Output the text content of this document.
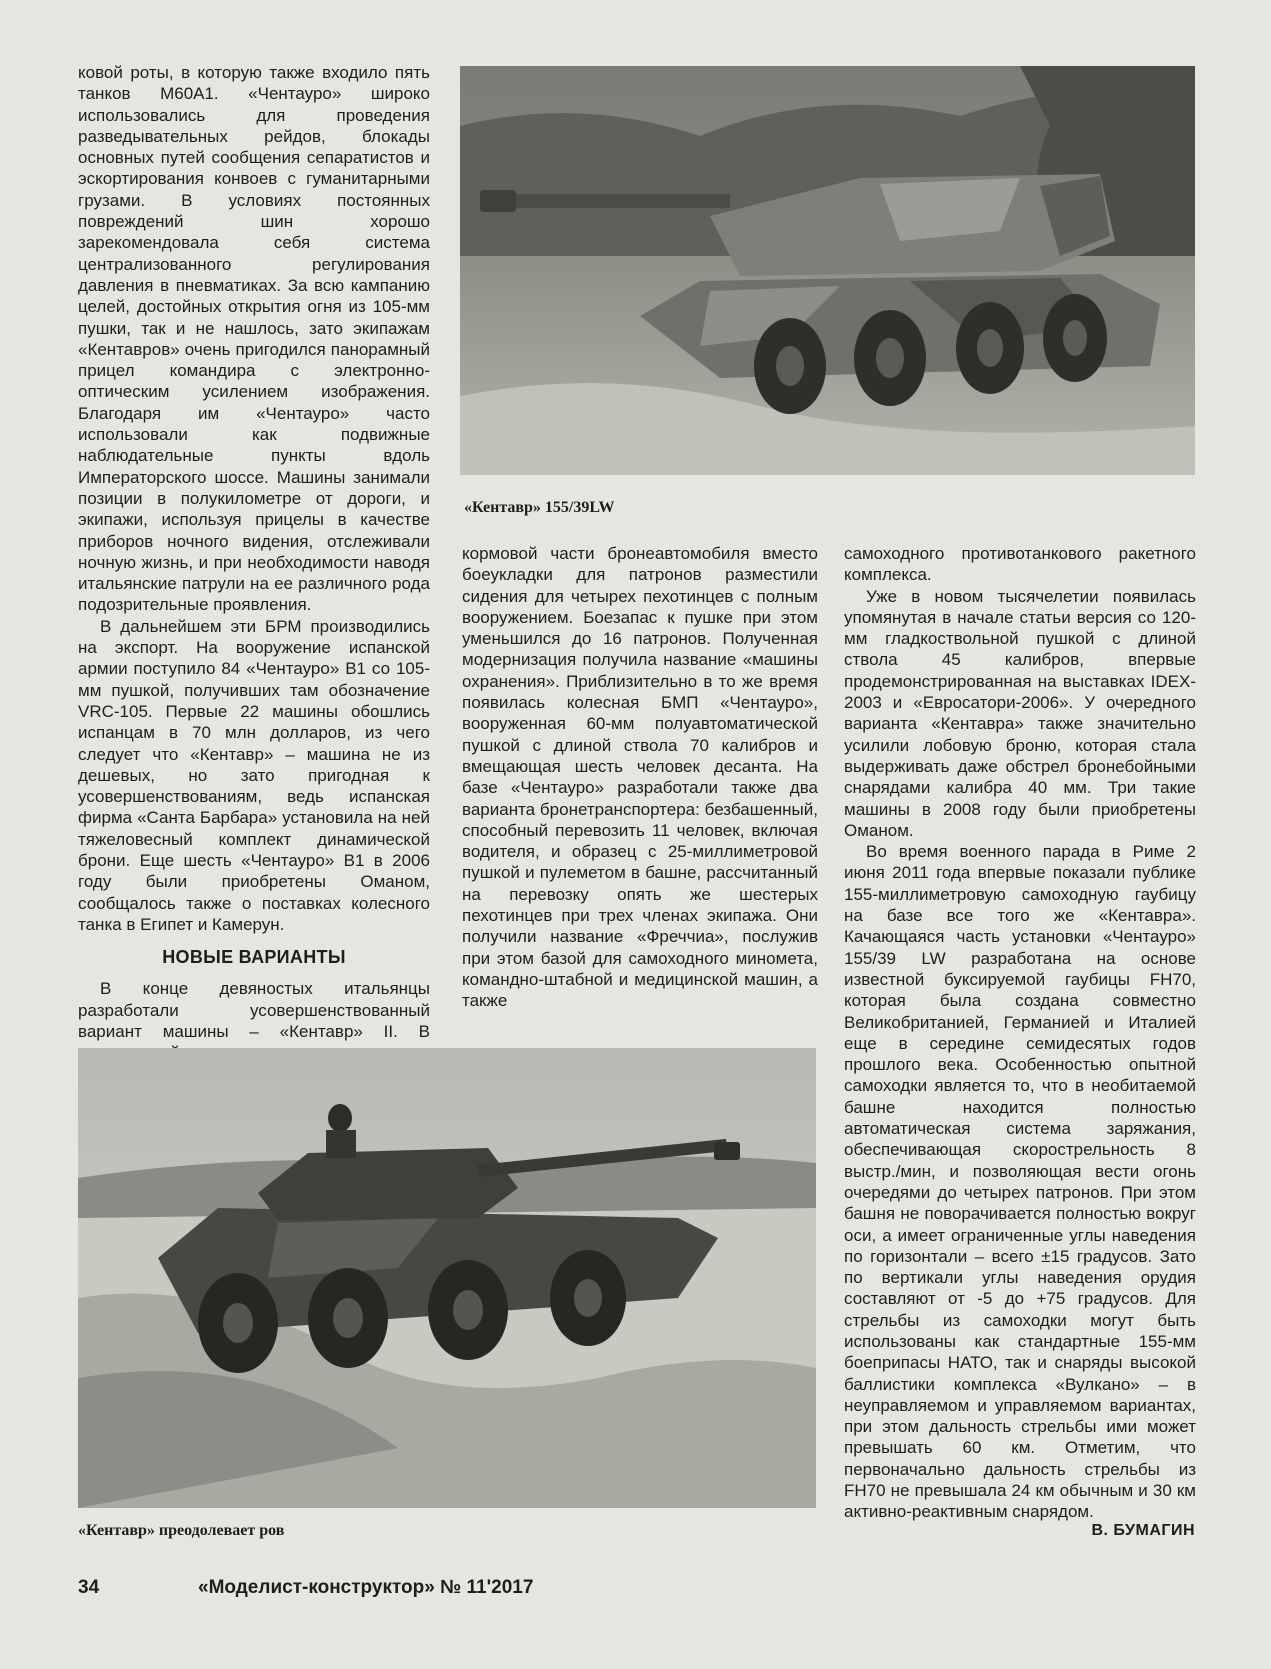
«Кентавр» 155/39LW

ковой роты, в которую также входило пять танков M60A1. «Чентауро» широко использовались для проведения разведывательных рейдов, блокады основных путей сообщения сепаратистов и эскортирования конвоев с гуманитарными грузами. В условиях постоянных повреждений шин хорошо зарекомендовала себя система централизованного регулирования давления в пневматиках. За всю кампанию целей, достойных открытия огня из 105-мм пушки, так и не нашлось, зато экипажам «Кентавров» очень пригодился панорамный прицел командира с электронно-оптическим усилением изображения. Благодаря им «Чентауро» часто использовали как подвижные наблюдательные пункты вдоль Императорского шоссе. Машины занимали позиции в полукилометре от дороги, и экипажи, используя прицелы в качестве приборов ночного видения, отслеживали ночную жизнь, и при необходимости наводя итальянские патрули на ее различного рода подозрительные проявления.

В дальнейшем эти БРМ производились на экспорт. На вооружение испанской армии поступило 84 «Чентауро» В1 со 105-мм пушкой, получивших там обозначение VRC-105. Первые 22 машины обошлись испанцам в 70 млн долларов, из чего следует что «Кентавр» – машина не из дешевых, но зато пригодная к усовершенствованиям, ведь испанская фирма «Санта Барбара» установила на ней тяжеловесный комплект динамической брони. Еще шесть «Чентауро» В1 в 2006 году были приобретены Оманом, сообщалось также о поставках колесного танка в Египет и Камерун.

НОВЫЕ ВАРИАНТЫ

В конце девяностых итальянцы разработали усовершенствованный вариант машины – «Кентавр» II. В

кормовой части бронеавтомобиля вместо боеукладки для патронов разместили сидения для четырех пехотинцев с полным вооружением. Боезапас к пушке при этом уменьшился до 16 патронов. Полученная модернизация получила название «машины охранения». Приблизительно в то же время появилась колесная БМП «Чентауро», вооруженная 60-мм полуавтоматической пушкой с длиной ствола 70 калибров и вмещающая шесть человек десанта. На базе «Чентауро» разработали также два варианта бронетранспортера: безбашенный, способный перевозить 11 человек, включая водителя, и образец с 25-миллиметровой пушкой и пулеметом в башне, рассчитанный на перевозку опять же шестерых пехотинцев при трех членах экипажа. Они получили название «Фреччиа», послужив при этом базой для самоходного миномета, командно-штабной и медицинской машин, а также

самоходного противотанкового ракетного комплекса.

Уже в новом тысячелетии появилась упомянутая в начале статьи версия со 120-мм гладкоствольной пушкой с длиной ствола 45 калибров, впервые продемонстрированная на выставках IDEX-2003 и «Евросатори-2006». У очередного варианта «Кентавра» также значительно усилили лобовую броню, которая стала выдерживать даже обстрел бронебойными снарядами калибра 40 мм. Три такие машины в 2008 году были приобретены Оманом.

Во время военного парада в Риме 2 июня 2011 года впервые показали публике 155-миллиметровую самоходную гаубицу на базе все того же «Кентавра». Качающаяся часть установки «Чентауро» 155/39 LW разработана на основе известной буксируемой гаубицы FH70, которая была создана совместно Великобританией, Германией и Италией еще в середине семидесятых годов прошлого века. Особенностью опытной самоходки является то, что в необитаемой башне находится полностью автоматическая система заряжания, обеспечивающая скорострельность 8 выстр./мин, и позволяющая вести огонь очередями до четырех патронов. При этом башня не поворачивается полностью вокруг оси, а имеет ограниченные углы наведения по горизонтали – всего ±15 градусов. Зато по вертикали углы наведения орудия составляют от -5 до +75 градусов. Для стрельбы из самоходки могут быть использованы как стандартные 155-мм боеприпасы НАТО, так и снаряды высокой баллистики комплекса «Вулкано» – в неуправляемом и управляемом вариантах, при этом дальность стрельбы ими может превышать 60 км. Отметим, что первоначально дальность стрельбы из FH70 не превышала 24 км обычным и 30 км активно-реактивным снарядом.

«Кентавр» преодолевает ров	В. БУМАГИН
34	«Моделист-конструктор» № 11'2017
